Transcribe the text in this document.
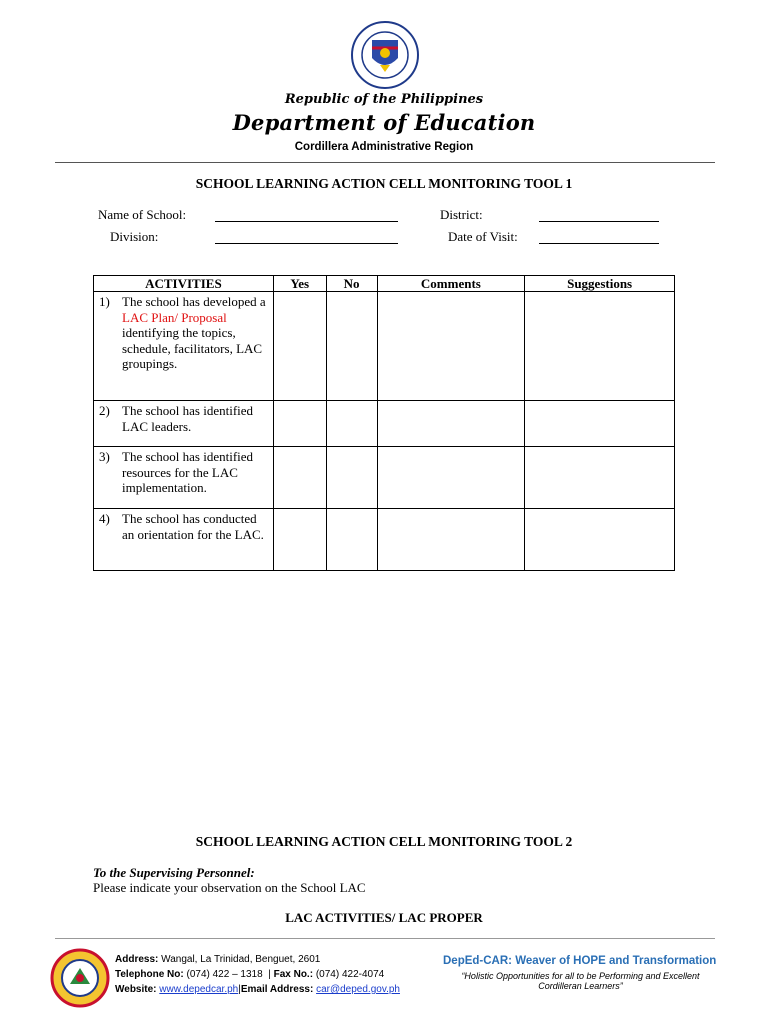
Republic of the Philippines
Department of Education
Cordillera Administrative Region
SCHOOL LEARNING ACTION CELL MONITORING TOOL 1
Name of School:	District:
Division:	Date of Visit:
ACTIVITIES	Yes	No	Comments	Suggestions

1) The school has developed a LAC Plan/ Proposal identifying the topics, schedule, facilitators, LAC groupings.				

2) The school has identified LAC leaders.				

3) The school has identified resources for the LAC implementation.				

4) The school has conducted an orientation for the LAC.				

SCHOOL LEARNING ACTION CELL MONITORING TOOL 2
To the Supervising Personnel:
Please indicate your observation on the School LAC
LAC ACTIVITIES/ LAC PROPER
Address: Wangal, La Trinidad, Benguet, 2601
Telephone No: (074) 422 – 1318  | Fax No.: (074) 422-4074
Website: www.depedcar.ph|Email Address: car@deped.gov.ph
DepEd-CAR: Weaver of HOPE and Transformation
“Holistic Opportunities for all to be Performing and Excellent Cordilleran Learners”
